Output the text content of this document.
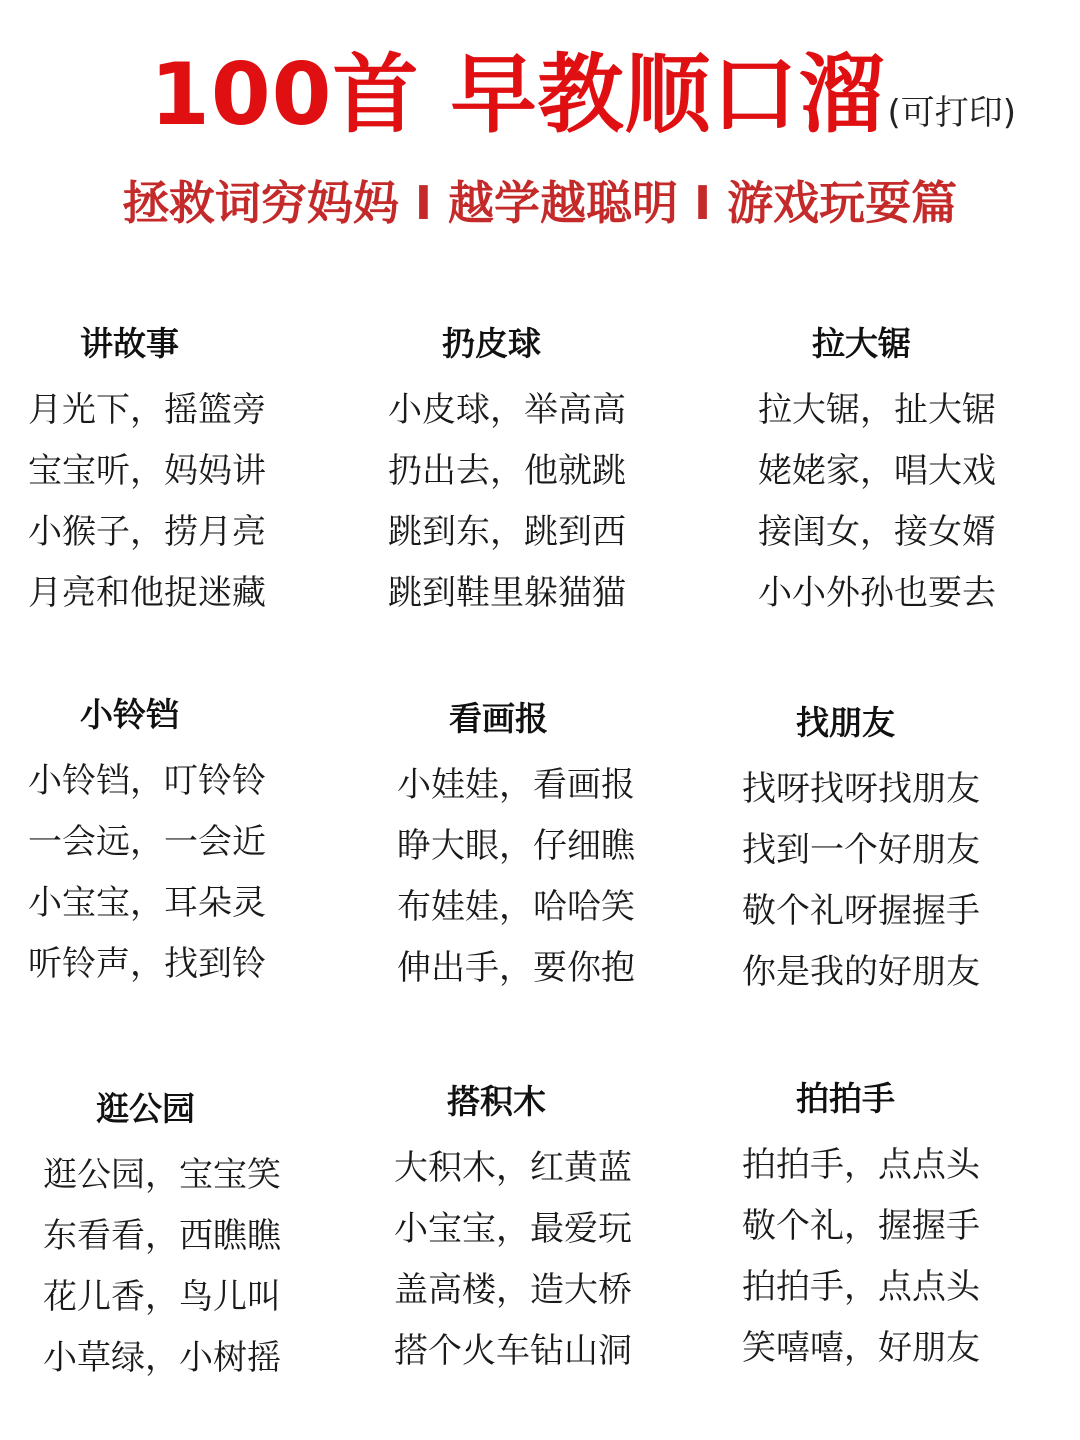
100首 早教顺口溜(可打印)
拯救词穷妈妈 I 越学越聪明 I 游戏玩耍篇
讲故事
月光下，摇篮旁
宝宝听，妈妈讲
小猴子，捞月亮
月亮和他捉迷藏
扔皮球
小皮球，举高高
扔出去，他就跳
跳到东，跳到西
跳到鞋里躲猫猫
拉大锯
拉大锯，扯大锯
姥姥家，唱大戏
接闺女，接女婿
小小外孙也要去
小铃铛
小铃铛，叮铃铃
一会远，一会近
小宝宝，耳朵灵
听铃声，找到铃
看画报
小娃娃，看画报
睁大眼，仔细瞧
布娃娃，哈哈笑
伸出手，要你抱
找朋友
找呀找呀找朋友
找到一个好朋友
敬个礼呀握握手
你是我的好朋友
逛公园
逛公园，宝宝笑
东看看，西瞧瞧
花儿香，鸟儿叫
小草绿，小树摇
搭积木
大积木，红黄蓝
小宝宝，最爱玩
盖高楼，造大桥
搭个火车钻山洞
拍拍手
拍拍手，点点头
敬个礼，握握手
拍拍手，点点头
笑嘻嘻，好朋友
